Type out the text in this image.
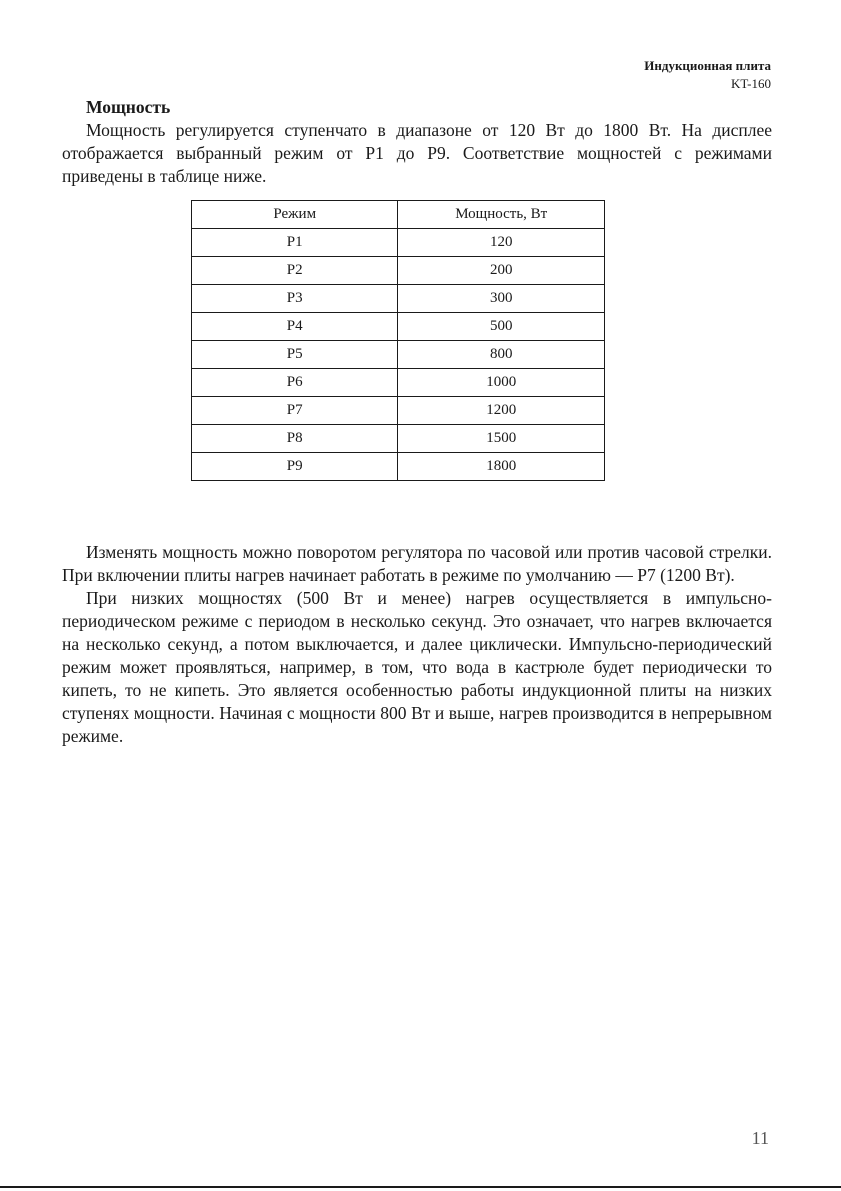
Индукционная плита
KT-160
Мощность

Мощность регулируется ступенчато в диапазоне от 120 Вт до 1800 Вт. На дисплее отображается выбранный режим от Р1 до Р9. Соответствие мощностей с режимами приведены в таблице ниже.

Режим	Мощность, Вт
P1	120
P2	200
P3	300
P4	500
P5	800
P6	1000
P7	1200
P8	1500
P9	1800

Изменять мощность можно поворотом регулятора по часовой или против часовой стрелки. При включении плиты нагрев начинает работать в режиме по умолчанию — Р7 (1200 Вт).

При низких мощностях (500 Вт и менее) нагрев осуществляется в импульсно-периодическом режиме с периодом в несколько секунд. Это означает, что нагрев включается на несколько секунд, а потом выключается, и далее циклически. Импульсно-периодический режим может проявляться, например, в том, что вода в кастрюле будет периодически то кипеть, то не кипеть. Это является особенностью работы индукционной плиты на низких ступенях мощности. Начиная с мощности 800 Вт и выше, нагрев производится в непрерывном режиме.

11
